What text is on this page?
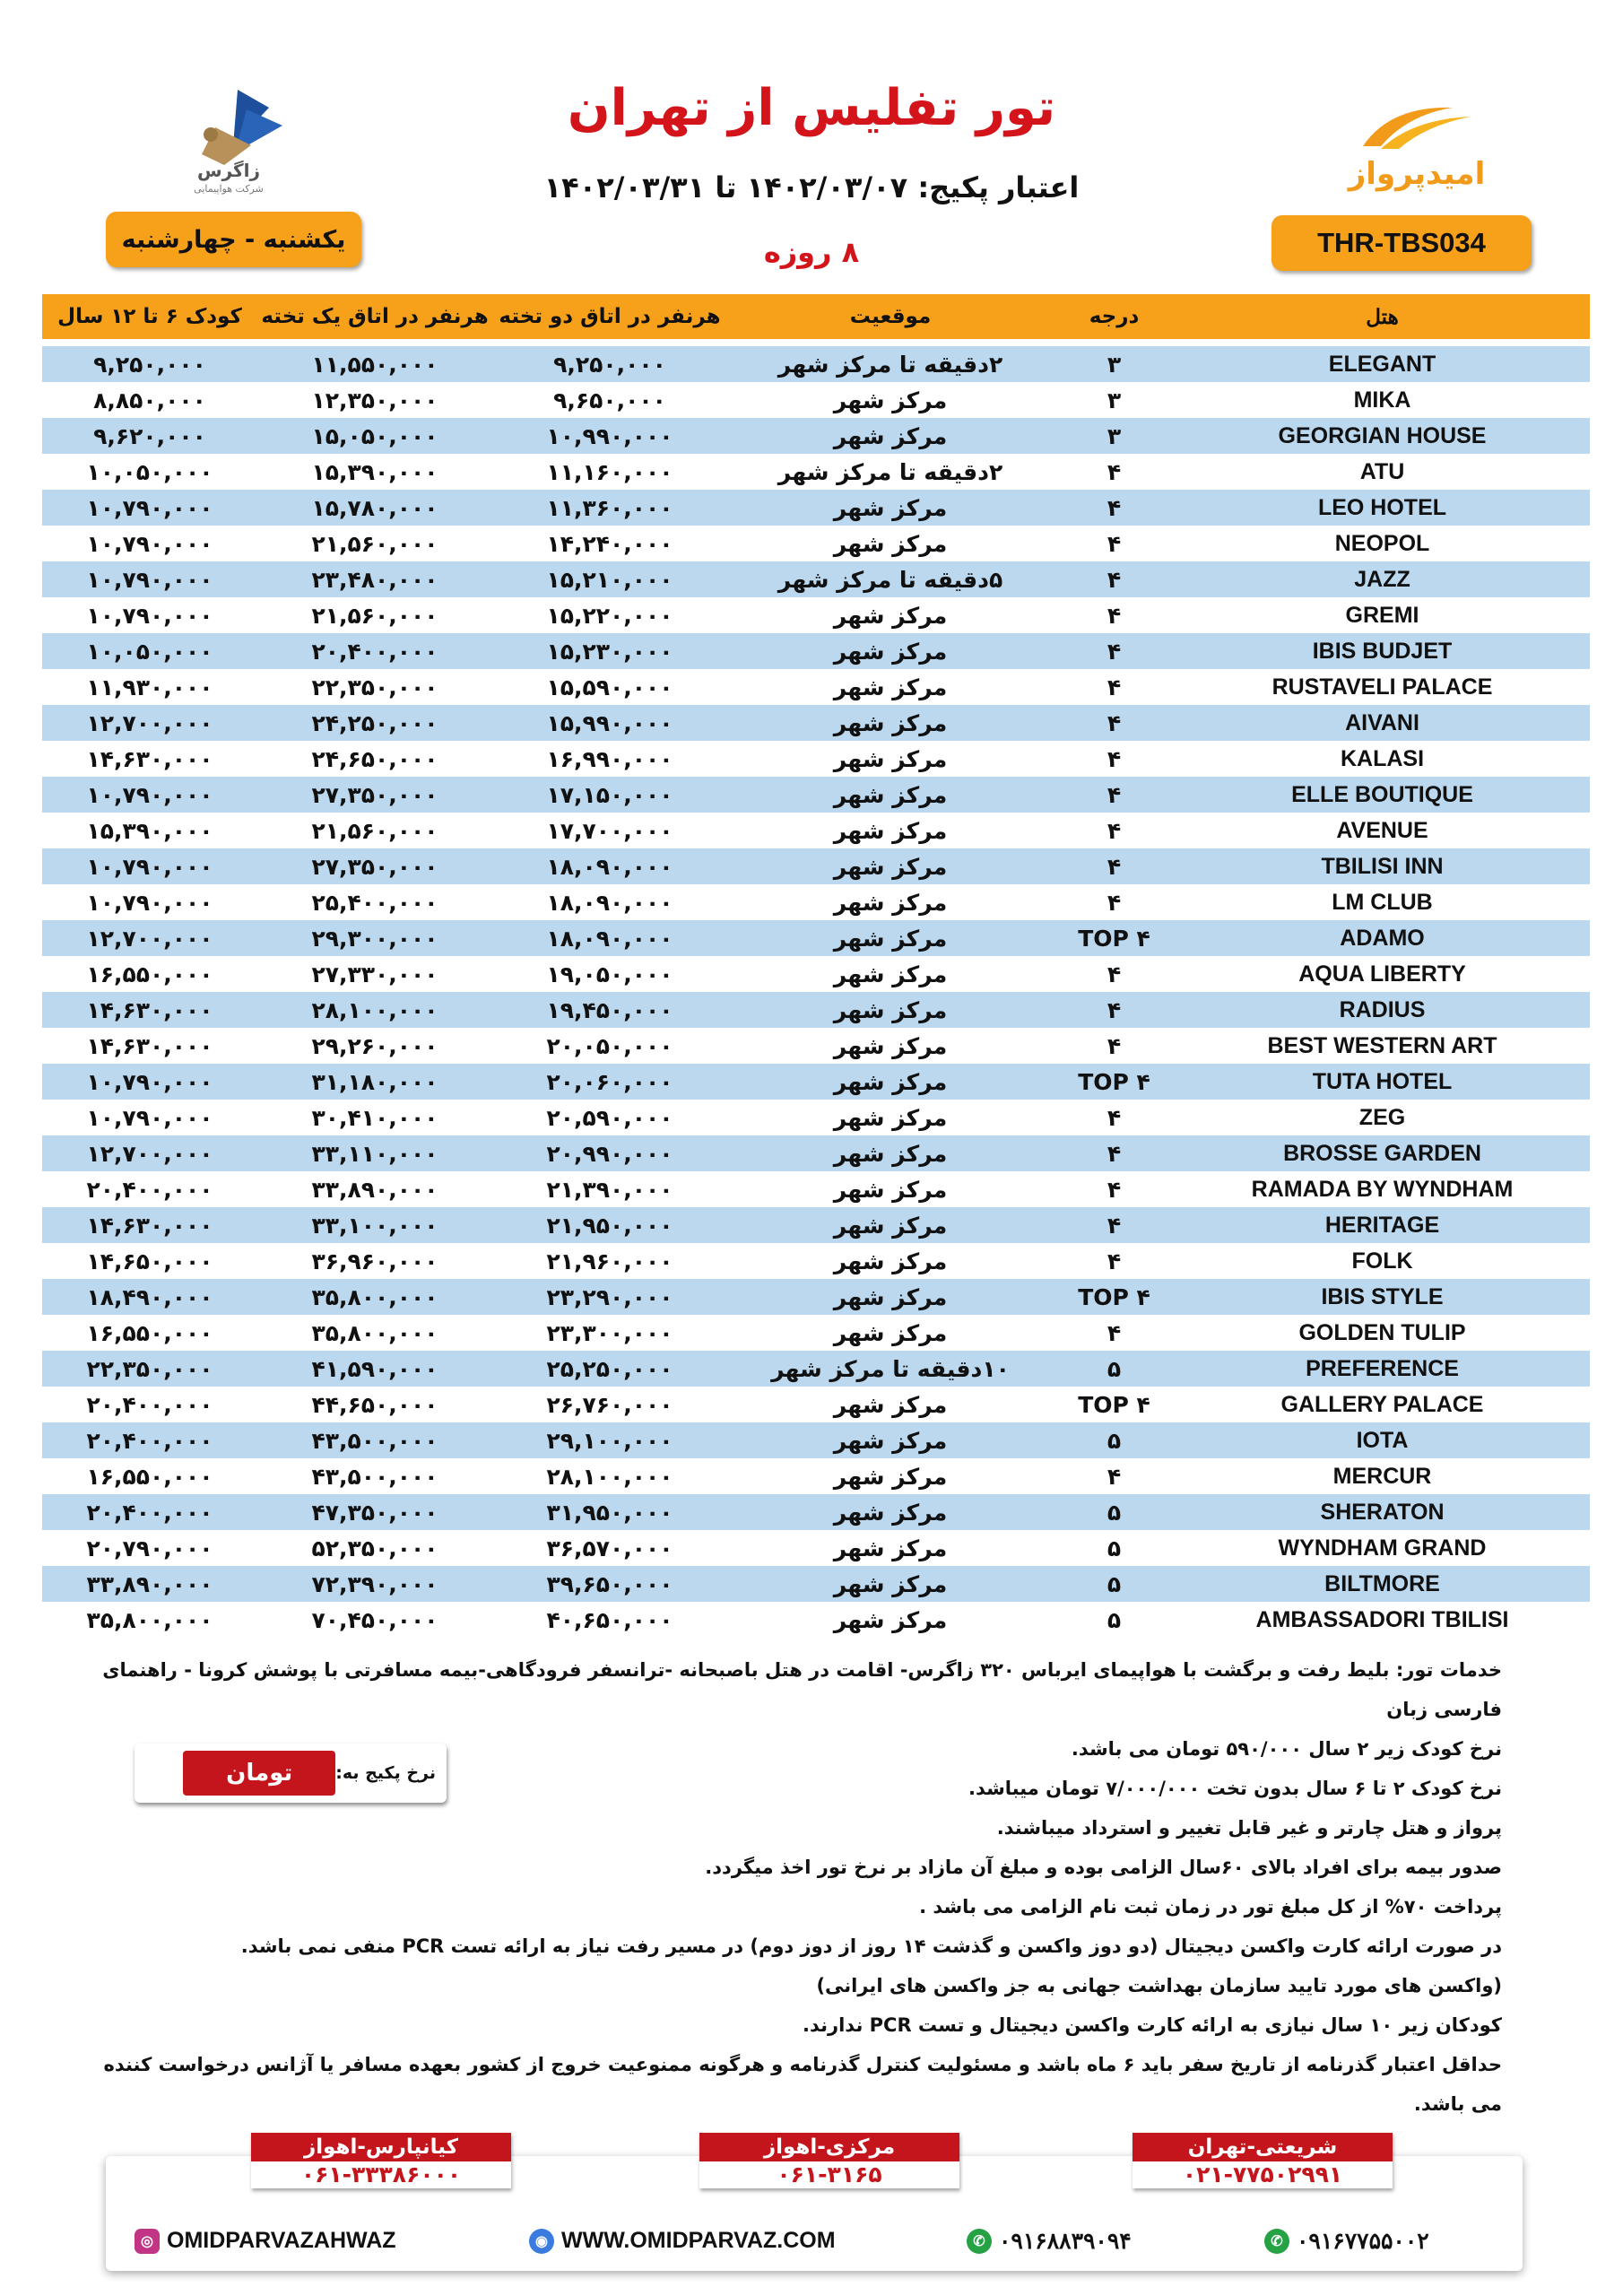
زاگرس
شرکت هواپیمایی	امیدپرواز
تور تفلیس از تهران
اعتبار پکیج: ۱۴۰۲/۰۳/۰۷ تا ۱۴۰۲/۰۳/۳۱
۸ روزه
یکشنبه - چهارشنبه	THR-TBS034
هتل
درجه
موقعیت
هرنفر در اتاق دو تخته
هرنفر در اتاق یک تخته
کودک ۶ تا ۱۲ سال
ELEGANT
۳
۲دقیقه تا مرکز شهر
۹,۲۵۰,۰۰۰
۱۱,۵۵۰,۰۰۰
۹,۲۵۰,۰۰۰
MIKA
۳
مرکز شهر
۹,۶۵۰,۰۰۰
۱۲,۳۵۰,۰۰۰
۸,۸۵۰,۰۰۰
GEORGIAN HOUSE
۳
مرکز شهر
۱۰,۹۹۰,۰۰۰
۱۵,۰۵۰,۰۰۰
۹,۶۲۰,۰۰۰
ATU
۴
۲دقیقه تا مرکز شهر
۱۱,۱۶۰,۰۰۰
۱۵,۳۹۰,۰۰۰
۱۰,۰۵۰,۰۰۰
LEO HOTEL
۴
مرکز شهر
۱۱,۳۶۰,۰۰۰
۱۵,۷۸۰,۰۰۰
۱۰,۷۹۰,۰۰۰
NEOPOL
۴
مرکز شهر
۱۴,۲۴۰,۰۰۰
۲۱,۵۶۰,۰۰۰
۱۰,۷۹۰,۰۰۰
JAZZ
۴
۵دقیقه تا مرکز شهر
۱۵,۲۱۰,۰۰۰
۲۳,۴۸۰,۰۰۰
۱۰,۷۹۰,۰۰۰
GREMI
۴
مرکز شهر
۱۵,۲۲۰,۰۰۰
۲۱,۵۶۰,۰۰۰
۱۰,۷۹۰,۰۰۰
IBIS BUDJET
۴
مرکز شهر
۱۵,۲۳۰,۰۰۰
۲۰,۴۰۰,۰۰۰
۱۰,۰۵۰,۰۰۰
RUSTAVELI PALACE
۴
مرکز شهر
۱۵,۵۹۰,۰۰۰
۲۲,۳۵۰,۰۰۰
۱۱,۹۳۰,۰۰۰
AIVANI
۴
مرکز شهر
۱۵,۹۹۰,۰۰۰
۲۴,۲۵۰,۰۰۰
۱۲,۷۰۰,۰۰۰
KALASI
۴
مرکز شهر
۱۶,۹۹۰,۰۰۰
۲۴,۶۵۰,۰۰۰
۱۴,۶۳۰,۰۰۰
ELLE BOUTIQUE
۴
مرکز شهر
۱۷,۱۵۰,۰۰۰
۲۷,۳۵۰,۰۰۰
۱۰,۷۹۰,۰۰۰
AVENUE
۴
مرکز شهر
۱۷,۷۰۰,۰۰۰
۲۱,۵۶۰,۰۰۰
۱۵,۳۹۰,۰۰۰
TBILISI INN
۴
مرکز شهر
۱۸,۰۹۰,۰۰۰
۲۷,۳۵۰,۰۰۰
۱۰,۷۹۰,۰۰۰
LM CLUB
۴
مرکز شهر
۱۸,۰۹۰,۰۰۰
۲۵,۴۰۰,۰۰۰
۱۰,۷۹۰,۰۰۰
ADAMO
۴ TOP
مرکز شهر
۱۸,۰۹۰,۰۰۰
۲۹,۳۰۰,۰۰۰
۱۲,۷۰۰,۰۰۰
AQUA LIBERTY
۴
مرکز شهر
۱۹,۰۵۰,۰۰۰
۲۷,۳۳۰,۰۰۰
۱۶,۵۵۰,۰۰۰
RADIUS
۴
مرکز شهر
۱۹,۴۵۰,۰۰۰
۲۸,۱۰۰,۰۰۰
۱۴,۶۳۰,۰۰۰
BEST WESTERN ART
۴
مرکز شهر
۲۰,۰۵۰,۰۰۰
۲۹,۲۶۰,۰۰۰
۱۴,۶۳۰,۰۰۰
TUTA HOTEL
۴ TOP
مرکز شهر
۲۰,۰۶۰,۰۰۰
۳۱,۱۸۰,۰۰۰
۱۰,۷۹۰,۰۰۰
ZEG
۴
مرکز شهر
۲۰,۵۹۰,۰۰۰
۳۰,۴۱۰,۰۰۰
۱۰,۷۹۰,۰۰۰
BROSSE GARDEN
۴
مرکز شهر
۲۰,۹۹۰,۰۰۰
۳۳,۱۱۰,۰۰۰
۱۲,۷۰۰,۰۰۰
RAMADA BY WYNDHAM
۴
مرکز شهر
۲۱,۳۹۰,۰۰۰
۳۳,۸۹۰,۰۰۰
۲۰,۴۰۰,۰۰۰
HERITAGE
۴
مرکز شهر
۲۱,۹۵۰,۰۰۰
۳۳,۱۰۰,۰۰۰
۱۴,۶۳۰,۰۰۰
FOLK
۴
مرکز شهر
۲۱,۹۶۰,۰۰۰
۳۶,۹۶۰,۰۰۰
۱۴,۶۵۰,۰۰۰
IBIS STYLE
۴ TOP
مرکز شهر
۲۳,۲۹۰,۰۰۰
۳۵,۸۰۰,۰۰۰
۱۸,۴۹۰,۰۰۰
GOLDEN TULIP
۴
مرکز شهر
۲۳,۳۰۰,۰۰۰
۳۵,۸۰۰,۰۰۰
۱۶,۵۵۰,۰۰۰
PREFERENCE
۵
۱۰دقیقه تا مرکز شهر
۲۵,۲۵۰,۰۰۰
۴۱,۵۹۰,۰۰۰
۲۲,۳۵۰,۰۰۰
GALLERY PALACE
۴ TOP
مرکز شهر
۲۶,۷۶۰,۰۰۰
۴۴,۶۵۰,۰۰۰
۲۰,۴۰۰,۰۰۰
IOTA
۵
مرکز شهر
۲۹,۱۰۰,۰۰۰
۴۳,۵۰۰,۰۰۰
۲۰,۴۰۰,۰۰۰
MERCUR
۴
مرکز شهر
۲۸,۱۰۰,۰۰۰
۴۳,۵۰۰,۰۰۰
۱۶,۵۵۰,۰۰۰
SHERATON
۵
مرکز شهر
۳۱,۹۵۰,۰۰۰
۴۷,۳۵۰,۰۰۰
۲۰,۴۰۰,۰۰۰
WYNDHAM GRAND
۵
مرکز شهر
۳۶,۵۷۰,۰۰۰
۵۲,۳۵۰,۰۰۰
۲۰,۷۹۰,۰۰۰
BILTMORE
۵
مرکز شهر
۳۹,۶۵۰,۰۰۰
۷۲,۳۹۰,۰۰۰
۳۳,۸۹۰,۰۰۰
AMBASSADORI TBILISI
۵
مرکز شهر
۴۰,۶۵۰,۰۰۰
۷۰,۴۵۰,۰۰۰
۳۵,۸۰۰,۰۰۰

خدمات تور: بلیط رفت و برگشت با هواپیمای ایرباس ۳۲۰ زاگرس- اقامت در هتل باصبحانه -ترانسفر فرودگاهی-بیمه مسافرتی با پوشش کرونا - راهنمای فارسی زبان

نرخ کودک زیر ۲ سال ۵۹۰/۰۰۰ تومان می باشد.

نرخ کودک ۲ تا ۶ سال بدون تخت ۷/۰۰۰/۰۰۰ تومان میباشد.

پرواز و هتل چارتر و غیر قابل تغییر و استرداد میباشند.

صدور بیمه برای افراد بالای ۶۰سال الزامی بوده و مبلغ آن مازاد بر نرخ تور اخذ میگردد.

پرداخت ۷۰% از کل مبلغ تور در زمان ثبت نام الزامی می باشد .

در صورت ارائه کارت واکسن دیجیتال (دو دوز واکسن و گذشت ۱۴ روز از دوز دوم) در مسیر رفت نیاز به ارائه تست PCR منفی نمی باشد.

(واکسن های مورد تایید سازمان بهداشت جهانی به جز واکسن های ایرانی)

کودکان زیر ۱۰ سال نیازی به ارائه کارت واکسن دیجیتال و تست PCR ندارند.

حداقل اعتبار گذرنامه از تاریخ سفر باید ۶ ماه باشد و مسئولیت کنترل گذرنامه و هرگونه ممنوعیت خروج از کشور بعهده مسافر یا آژانس درخواست کننده می باشد.

نرخ پکیج به:
تومان
شریعتی-تهران
۰۲۱-۷۷۵۰۲۹۹۱
مرکزی-اهواز
۰۶۱-۳۱۶۵
کیانپارس-اهواز
۰۶۱-۳۳۳۸۶۰۰۰
✆ ۰۹۱۶۷۷۵۵۰۰۲
✆ ۰۹۱۶۸۸۳۹۰۹۴
◉ WWW.OMIDPARVAZ.COM
◎ OMIDPARVAZAHWAZ
